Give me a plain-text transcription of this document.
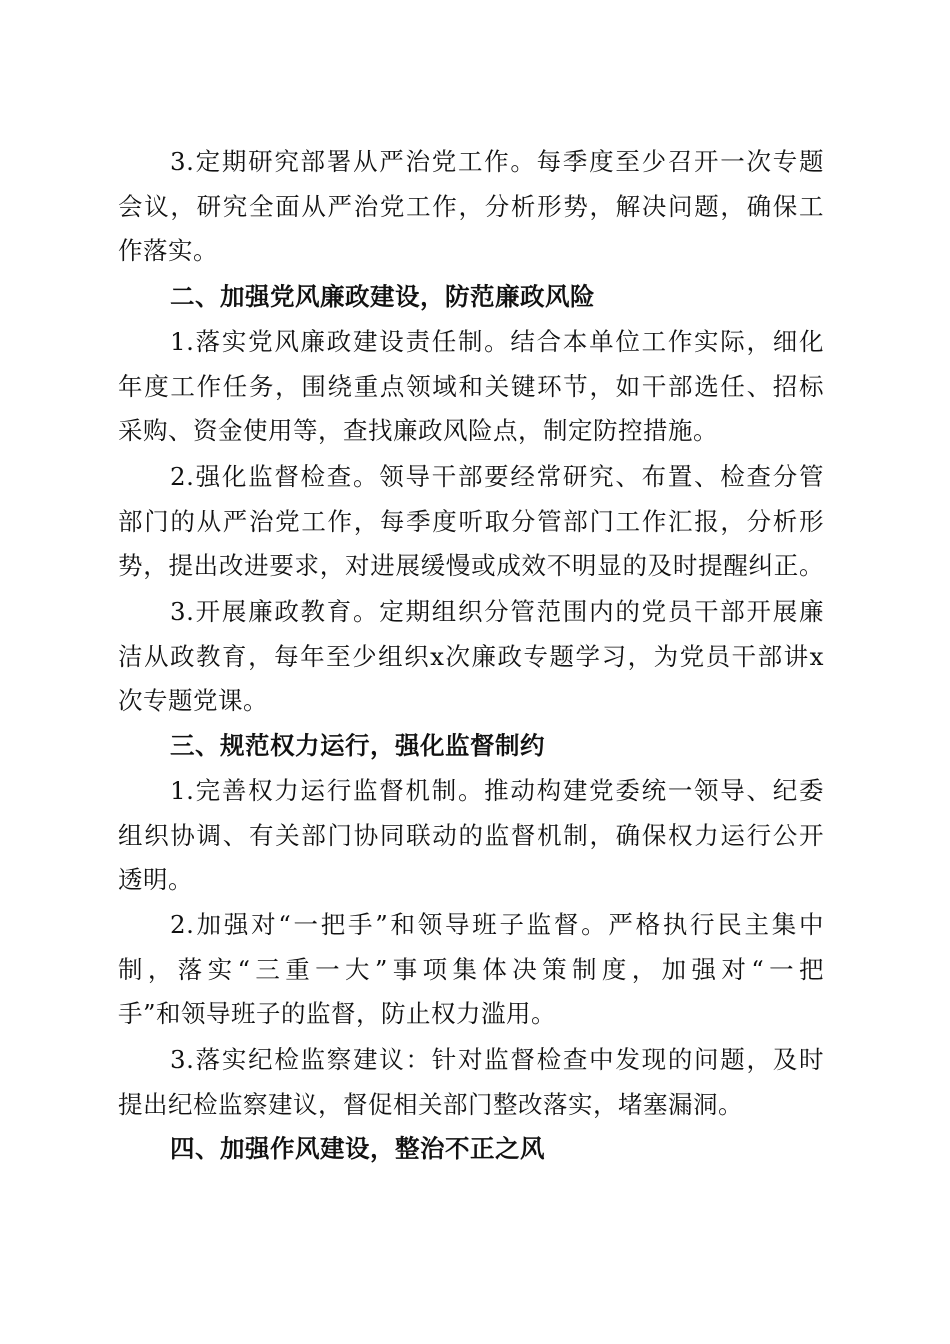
3.定期研究部署从严治党工作。每季度至少召开一次专题
会议，研究全面从严治党工作，分析形势，解决问题，确保工
作落实。
二、加强党风廉政建设，防范廉政风险
1.落实党风廉政建设责任制。结合本单位工作实际，细化
年度工作任务，围绕重点领域和关键环节，如干部选任、招标
采购、资金使用等，查找廉政风险点，制定防控措施。
2.强化监督检查。领导干部要经常研究、布置、检查分管
部门的从严治党工作，每季度听取分管部门工作汇报，分析形
势，提出改进要求，对进展缓慢或成效不明显的及时提醒纠正。
3.开展廉政教育。定期组织分管范围内的党员干部开展廉
洁从政教育，每年至少组织x次廉政专题学习，为党员干部讲x
次专题党课。
三、规范权力运行，强化监督制约
1.完善权力运行监督机制。推动构建党委统一领导、纪委
组织协调、有关部门协同联动的监督机制，确保权力运行公开
透明。
2.加强对“一把手”和领导班子监督。严格执行民主集中
制，落实“三重一大”事项集体决策制度，加强对“一把
手”和领导班子的监督，防止权力滥用。
3.落实纪检监察建议：针对监督检查中发现的问题，及时
提出纪检监察建议，督促相关部门整改落实，堵塞漏洞。
四、加强作风建设，整治不正之风
